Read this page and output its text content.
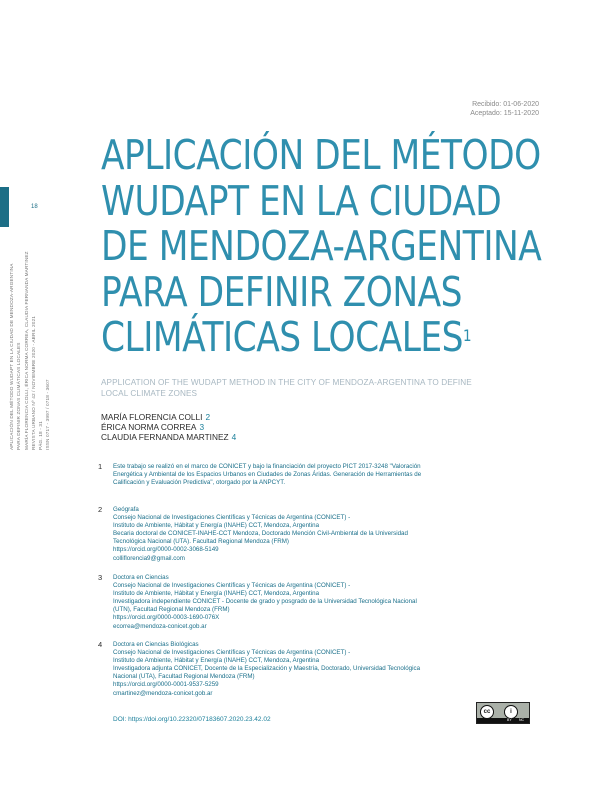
18
APLICACIÓN DEL MÉTODO WUDAPT EN LA CIUDAD DE MENDOZA-ARGENTINA PARA DEFINIR ZONAS CLIMÁTICAS LOCALES MARÍA FLORENCIA COLLI, ÉRICA NORMA CORREA, CLAUDIA FERNANDA MARTINEZ REVISTA URBANO Nº 42 / NOVIEMBRE 2020 - ABRIL 2021 PÁG. 18 - 31 ISSN 0717 - 3997 / 0718 - 3607
Recibido: 01-06-2020
Aceptado: 15-11-2020
APLICACIÓN DEL MÉTODO
WUDAPT EN LA CIUDAD
DE MENDOZA-ARGENTINA
PARA DEFINIR ZONAS
CLIMÁTICAS LOCALES$^1$
APPLICATION OF THE WUDAPT METHOD IN THE CITY OF MENDOZA-ARGENTINA TO DEFINE LOCAL CLIMATE ZONES
MARÍA FLORENCIA COLLI 2
ÉRICA NORMA CORREA 3
CLAUDIA FERNANDA MARTINEZ 4
1 Este trabajo se realizó en el marco de CONICET y bajo la financiación del proyecto PICT 2017-3248 "Valoración
Energética y Ambiental de los Espacios Urbanos en Ciudades de Zonas Áridas. Generación de Herramientas de
Calificación y Evaluación Predictiva", otorgado por la ANPCYT.
2 Geógrafa
Consejo Nacional de Investigaciones Científicas y Técnicas de Argentina (CONICET) -
Instituto de Ambiente, Hábitat y Energía (INAHE) CCT, Mendoza, Argentina
Becaria doctoral de CONICET-INAHE-CCT Mendoza, Doctorado Mención Civil-Ambiental de la Universidad
Tecnológica Nacional (UTA). Facultad Regional Mendoza (FRM)
https://orcid.org/0000-0002-3068-5149
colliflorencia9@gmail.com
3 Doctora en Ciencias
Consejo Nacional de Investigaciones Científicas y Técnicas de Argentina (CONICET) -
Instituto de Ambiente, Hábitat y Energía (INAHE) CCT, Mendoza, Argentina
Investigadora independiente CONICET - Docente de grado y posgrado de la Universidad Tecnológica Nacional
(UTN), Facultad Regional Mendoza (FRM)
https://orcid.org/0000-0003-1690-076X
ecorrea@mendoza-conicet.gob.ar
4 Doctora en Ciencias Biológicas
Consejo Nacional de Investigaciones Científicas y Técnicas de Argentina (CONICET) -
Instituto de Ambiente, Hábitat y Energía (INAHE) CCT, Mendoza, Argentina
Investigadora adjunta CONICET, Docente de la Especialización y Maestría, Doctorado, Universidad Tecnológica
Nacional (UTA), Facultad Regional Mendoza (FRM)
https://orcid.org/0000-0001-9537-5259
cmartinez@mendoza-conicet.gob.ar
DOI: https://doi.org/10.22320/07183607.2020.23.42.02
cc	i
BY NC
